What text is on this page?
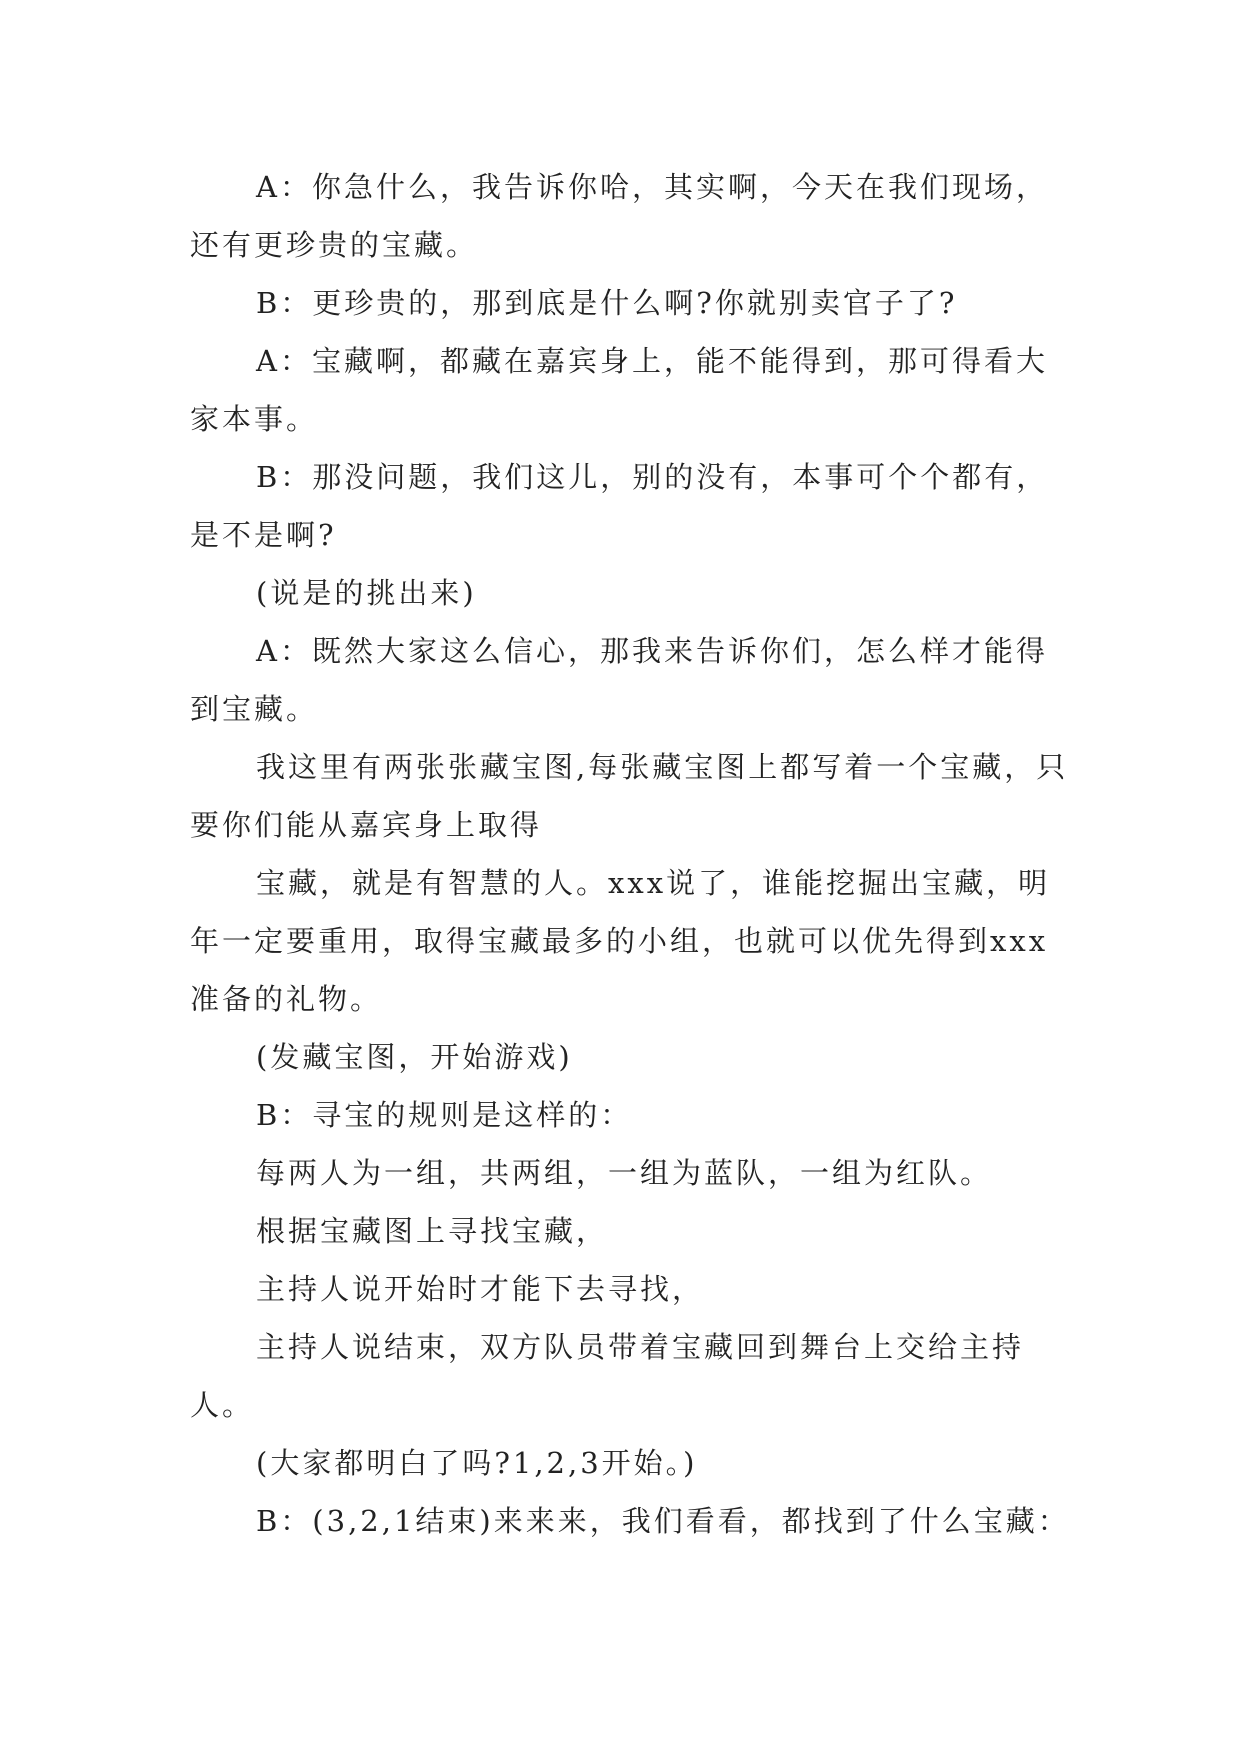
A：你急什么，我告诉你哈，其实啊，今天在我们现场，还有更珍贵的宝藏。

B：更珍贵的，那到底是什么啊?你就别卖官子了?

A：宝藏啊，都藏在嘉宾身上，能不能得到，那可得看大家本事。

B：那没问题，我们这儿，别的没有，本事可个个都有，是不是啊?

(说是的挑出来)

A：既然大家这么信心，那我来告诉你们，怎么样才能得到宝藏。

我这里有两张张藏宝图,每张藏宝图上都写着一个宝藏，只要你们能从嘉宾身上取得

宝藏，就是有智慧的人。xxx说了，谁能挖掘出宝藏，明年一定要重用，取得宝藏最多的小组，也就可以优先得到xxx准备的礼物。

(发藏宝图，开始游戏)

B：寻宝的规则是这样的：

每两人为一组，共两组，一组为蓝队，一组为红队。

根据宝藏图上寻找宝藏，

主持人说开始时才能下去寻找，

主持人说结束，双方队员带着宝藏回到舞台上交给主持人。

(大家都明白了吗?1,2,3开始。)

B：(3,2,1结束)来来来，我们看看，都找到了什么宝藏：
